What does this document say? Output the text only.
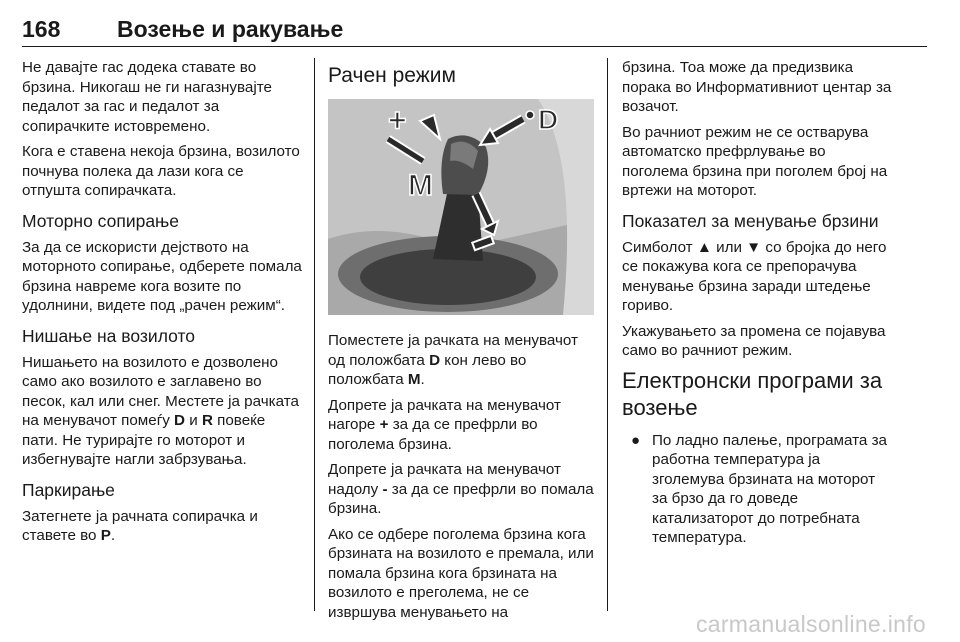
168 Возење и ракување

Не давајте гас додека ставате во брзина. Никогаш не ги нагазнувајте педалот за гас и педалот за сопирачките истовремено.

Кога е ставена некоја брзина, возилото почнува полека да лази кога се отпушта сопирачката.

Моторно сопирање

За да се искористи дејството на моторното сопирање, одберете помала брзина навреме кога возите по удолнини, видете под „рачен режим“.

Нишање на возилото

Нишањето на возилото е дозволено само ако возилото е заглавено во песок, кал или снег. Местете ја рачката на менувачот помеѓу D и R повеќе пати. Не турирајте го моторот и избегнувајте нагли забрзувања.

Паркирање

Затегнете ја рачната сопирачка и ставете во P.

Рачен режим
+	D
M

Поместете ја рачката на менувачот од положбата D кон лево во положбата M.

Допрете ја рачката на менувачот нагоре + за да се префрли во поголема брзина.

Допрете ја рачката на менувачот надолу - за да се префрли во помала брзина.

Ако се одбере поголема брзина кога брзината на возилото е премала, или помала брзина кога брзината на возилото е преголема, не се извршува менувањето на

брзина. Тоа може да предизвика порака во Информативниот центар за возачот.

Во рачниот режим не се остварува автоматско префрлување во поголема брзина при поголем број на вртежи на моторот.

Показател за менување брзини

Симболот ▲ или ▼ со бројка до него се покажува кога се препорачува менување брзина заради штедење гориво.

Укажувањето за промена се појавува само во рачниот режим.

Електронски програми за возење

● По ладно палење, програмата за работна температура ја зголемува брзината на моторот за брзо да го доведе катализаторот до потребната температура.

carmanualsonline.info
